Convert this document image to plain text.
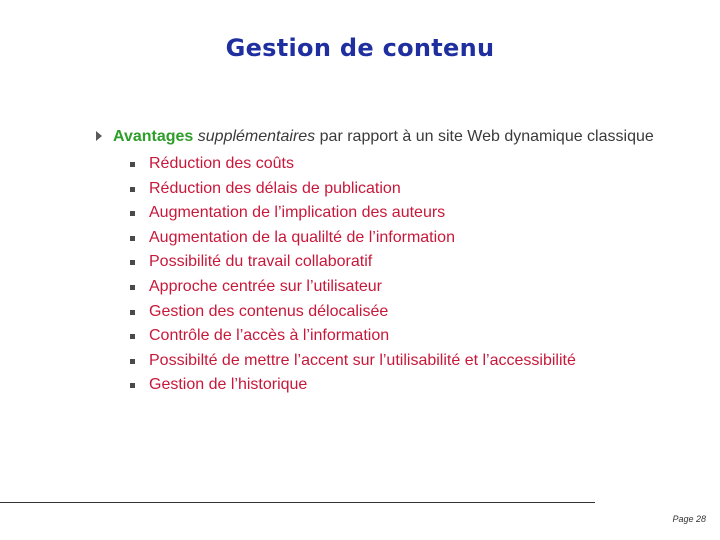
Gestion de contenu
Avantages supplémentaires par rapport à un site Web dynamique classique
Réduction des coûts
Réduction des délais de publication
Augmentation de l’implication des auteurs
Augmentation de la qualilté de l’information
Possibilité du travail collaboratif
Approche centrée sur l’utilisateur
Gestion des contenus délocalisée
Contrôle de l’accès à l’information
Possibilté de mettre l’accent sur l’utilisabilité et l’accessibilité
Gestion de l’historique
Page 28
